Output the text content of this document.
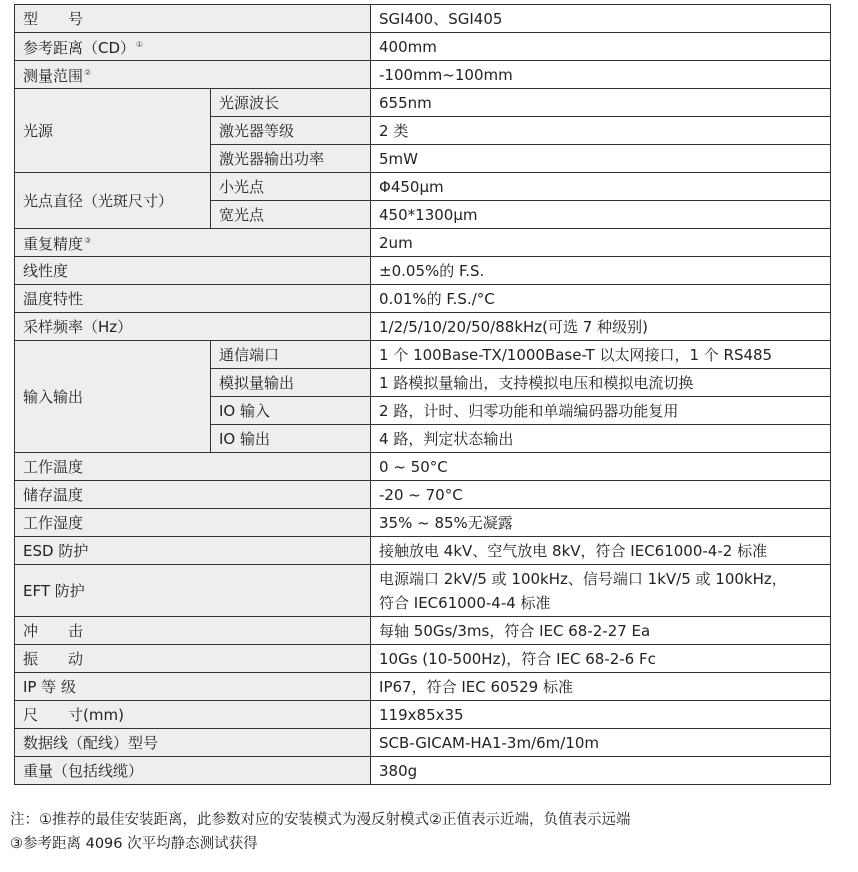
型　　号		SGI400、SGI405
参考距离（CD）①		400mm
测量范围②		-100mm~100mm
光源	光源波长	655nm
	激光器等级	2 类
	激光器输出功率	5mW
光点直径（光斑尺寸）	小光点	Φ450μm
	宽光点	450*1300μm
重复精度③		2um
线性度		±0.05%的 F.S.
温度特性		0.01%的 F.S./°C
采样频率（Hz）		1/2/5/10/20/50/88kHz(可选 7 种级别)
输入输出	通信端口	1 个 100Base-TX/1000Base-T 以太网接口，1 个 RS485
	模拟量输出	1 路模拟量输出，支持模拟电压和模拟电流切换
	IO 输入	2 路，计时、归零功能和单端编码器功能复用
	IO 输出	4 路，判定状态输出
工作温度		0 ~ 50°C
储存温度		-20 ~ 70°C
工作湿度		35% ~ 85%无凝露
ESD 防护		接触放电 4kV、空气放电 8kV，符合 IEC61000-4-2 标准
EFT 防护		电源端口 2kV/5 或 100kHz、信号端口 1kV/5 或 100kHz，
符合 IEC61000-4-4 标准

冲　　击		每轴 50Gs/3ms，符合 IEC 68-2-27 Ea
振　　动		10Gs (10-500Hz)，符合 IEC 68-2-6 Fc
IP 等 级		IP67，符合 IEC 60529 标准
尺　　寸(mm)		119x85x35
数据线（配线）型号		SCB-GICAM-HA1-3m/6m/10m
重量（包括线缆）		380g
注：①推荐的最佳安装距离，此参数对应的安装模式为漫反射模式②正值表示近端，负值表示远端
③参考距离 4096 次平均静态测试获得
